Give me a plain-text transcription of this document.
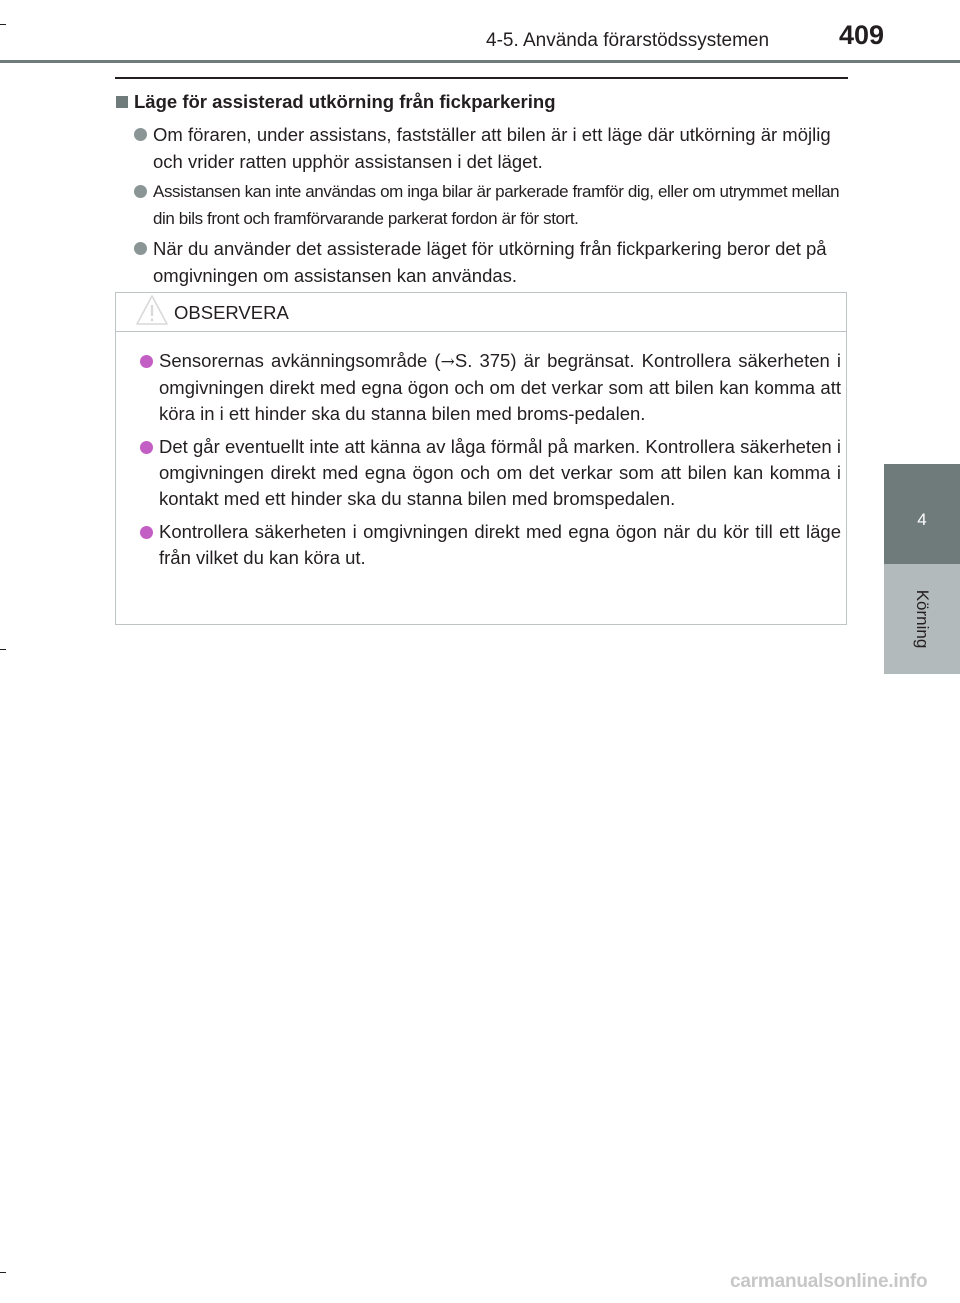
4-5. Använda förarstödssystemen	409
4
Körning
Läge för assisterad utkörning från fickparkering
Om föraren, under assistans, fastställer att bilen är i ett läge där utkörning är möjlig och vrider ratten upphör assistansen i det läget.
Assistansen kan inte användas om inga bilar är parkerade framför dig, eller om utrymmet mellan din bils front och framförvarande parkerat fordon är för stort.
När du använder det assisterade läget för utkörning från fickparkering beror det på omgivningen om assistansen kan användas.
OBSERVERA
Sensorernas avkänningsområde (→S. 375) är begränsat. Kontrollera säkerheten i omgivningen direkt med egna ögon och om det verkar som att bilen kan komma att köra in i ett hinder ska du stanna bilen med broms-pedalen.
Det går eventuellt inte att känna av låga förmål på marken. Kontrollera säkerheten i omgivningen direkt med egna ögon och om det verkar som att bilen kan komma i kontakt med ett hinder ska du stanna bilen med bromspedalen.
Kontrollera säkerheten i omgivningen direkt med egna ögon när du kör till ett läge från vilket du kan köra ut.
carmanualsonline.info
